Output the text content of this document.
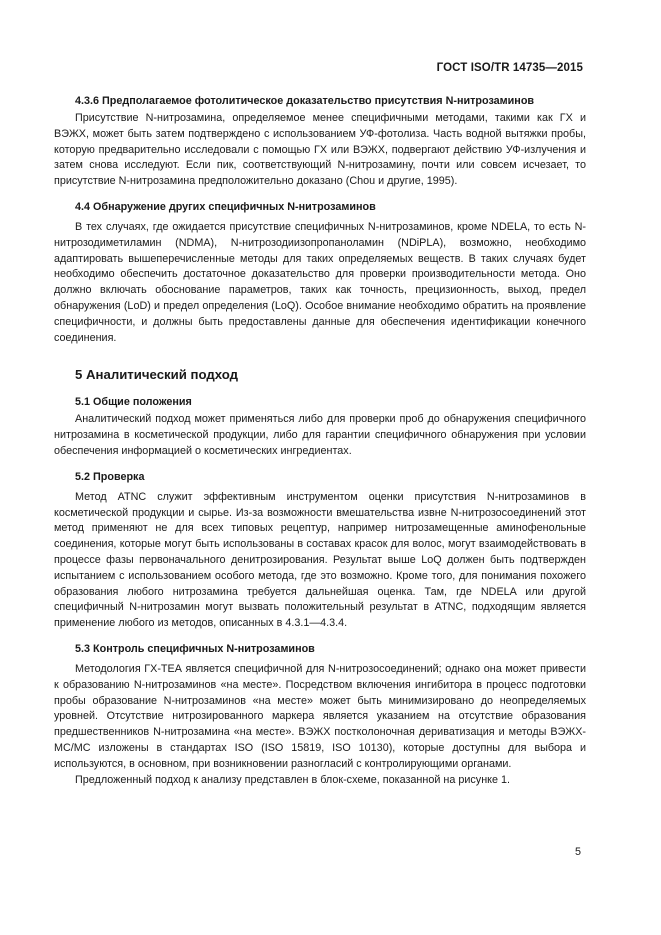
ГОСТ ISO/TR 14735—2015
4.3.6 Предполагаемое фотолитическое доказательство присутствия N-нитрозаминов

Присутствие N-нитрозамина, определяемое менее специфичными методами, такими как ГХ и ВЭЖХ, может быть затем подтверждено с использованием УФ-фотолиза. Часть водной вытяжки пробы, которую предварительно исследовали с помощью ГХ или ВЭЖХ, подвергают действию УФ-излучения и затем снова исследуют. Если пик, соответствующий N-нитрозамину, почти или совсем исчезает, то присутствие N-нитрозамина предположительно доказано (Chou и другие, 1995).

4.4 Обнаружение других специфичных N-нитрозаминов

В тех случаях, где ожидается присутствие специфичных N-нитрозаминов, кроме NDELA, то есть N-нитрозодиметиламин (NDMA), N-нитрозодиизопропаноламин (NDiPLA), возможно, необходимо адаптировать вышеперечисленные методы для таких определяемых веществ. В таких случаях будет необходимо обеспечить достаточное доказательство для проверки производительности метода. Оно должно включать обоснование параметров, таких как точность, прецизионность, выход, предел обнаружения (LoD) и предел определения (LoQ). Особое внимание необходимо обратить на проявление специфичности, и должны быть предоставлены данные для обеспечения идентификации конечного соединения.

5 Аналитический подход
5.1 Общие положения

Аналитический подход может применяться либо для проверки проб до обнаружения специфичного нитрозамина в косметической продукции, либо для гарантии специфичного обнаружения при условии обеспечения информацией о косметических ингредиентах.

5.2 Проверка

Метод ATNC служит эффективным инструментом оценки присутствия N-нитрозаминов в косметической продукции и сырье. Из-за возможности вмешательства извне N-нитрозосоединений этот метод применяют не для всех типовых рецептур, например нитрозамещенные аминофенольные соединения, которые могут быть использованы в составах красок для волос, могут взаимодействовать в процессе фазы первоначального денитрозирования. Результат выше LoQ должен быть подтвержден испытанием с использованием особого метода, где это возможно. Кроме того, для понимания похожего образования любого нитрозамина требуется дальнейшая оценка. Там, где NDELA или другой специфичный N-нитрозамин могут вызвать положительный результат в ATNC, подходящим является применение любого из методов, описанных в 4.3.1—4.3.4.

5.3 Контроль специфичных N-нитрозаминов

Методология ГХ-ТЕА является специфичной для N-нитрозосоединений; однако она может привести к образованию N-нитрозаминов «на месте». Посредством включения ингибитора в процесс подготовки пробы образование N-нитрозаминов «на месте» может быть минимизировано до неопределяемых уровней. Отсутствие нитрозированного маркера является указанием на отсутствие образования предшественников N-нитрозамина «на месте». ВЭЖХ постколоночная дериватизация и методы ВЭЖХ-МС/МС изложены в стандартах ISO (ISO 15819, ISO 10130), которые доступны для выбора и используются, в основном, при возникновении разногласий с контролирующими органами.

Предложенный подход к анализу представлен в блок-схеме, показанной на рисунке 1.

5
